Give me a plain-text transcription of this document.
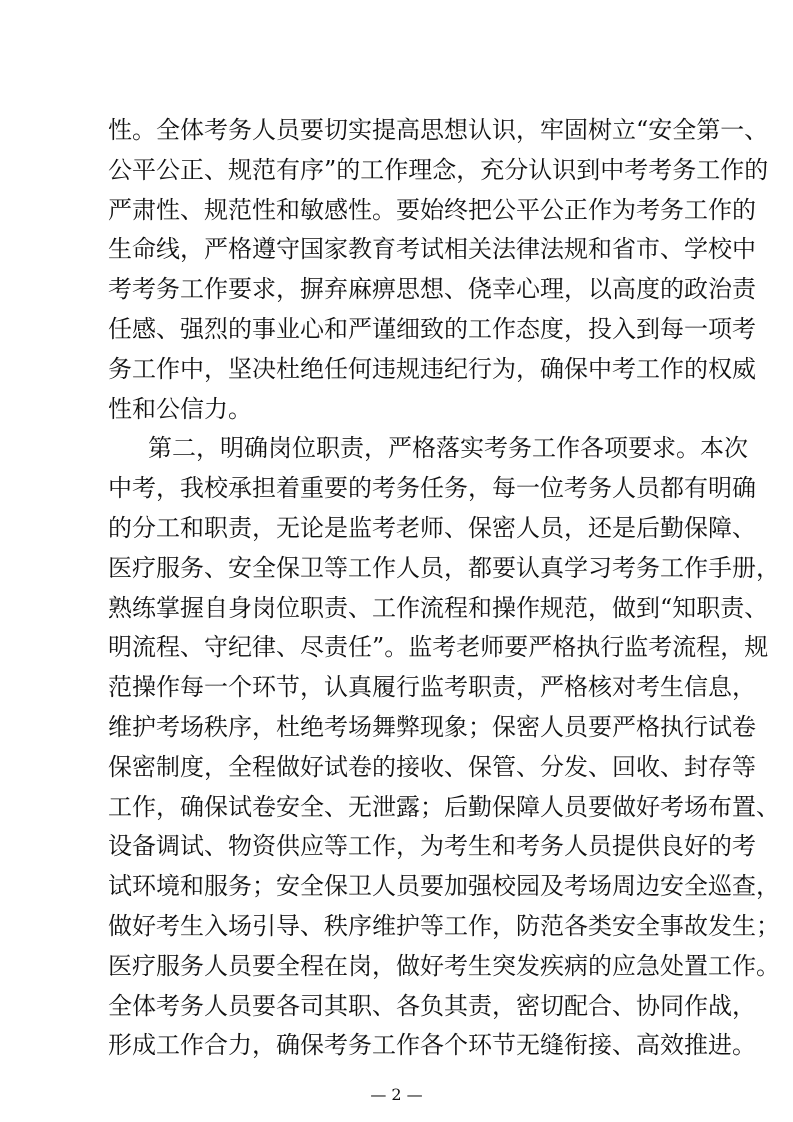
性。全体考务人员要切实提高思想认识，牢固树立“安全第一、
公平公正、规范有序”的工作理念，充分认识到中考考务工作的
严肃性、规范性和敏感性。要始终把公平公正作为考务工作的
生命线，严格遵守国家教育考试相关法律法规和省市、学校中
考考务工作要求，摒弃麻痹思想、侥幸心理，以高度的政治责
任感、强烈的事业心和严谨细致的工作态度，投入到每一项考
务工作中，坚决杜绝任何违规违纪行为，确保中考工作的权威
性和公信力。
第二，明确岗位职责，严格落实考务工作各项要求。本次
中考，我校承担着重要的考务任务，每一位考务人员都有明确
的分工和职责，无论是监考老师、保密人员，还是后勤保障、
医疗服务、安全保卫等工作人员，都要认真学习考务工作手册，
熟练掌握自身岗位职责、工作流程和操作规范，做到“知职责、
明流程、守纪律、尽责任”。监考老师要严格执行监考流程，规
范操作每一个环节，认真履行监考职责，严格核对考生信息，
维护考场秩序，杜绝考场舞弊现象；保密人员要严格执行试卷
保密制度，全程做好试卷的接收、保管、分发、回收、封存等
工作，确保试卷安全、无泄露；后勤保障人员要做好考场布置、
设备调试、物资供应等工作，为考生和考务人员提供良好的考
试环境和服务；安全保卫人员要加强校园及考场周边安全巡查，
做好考生入场引导、秩序维护等工作，防范各类安全事故发生；
医疗服务人员要全程在岗，做好考生突发疾病的应急处置工作。
全体考务人员要各司其职、各负其责，密切配合、协同作战，
形成工作合力，确保考务工作各个环节无缝衔接、高效推进。
— 2 —
